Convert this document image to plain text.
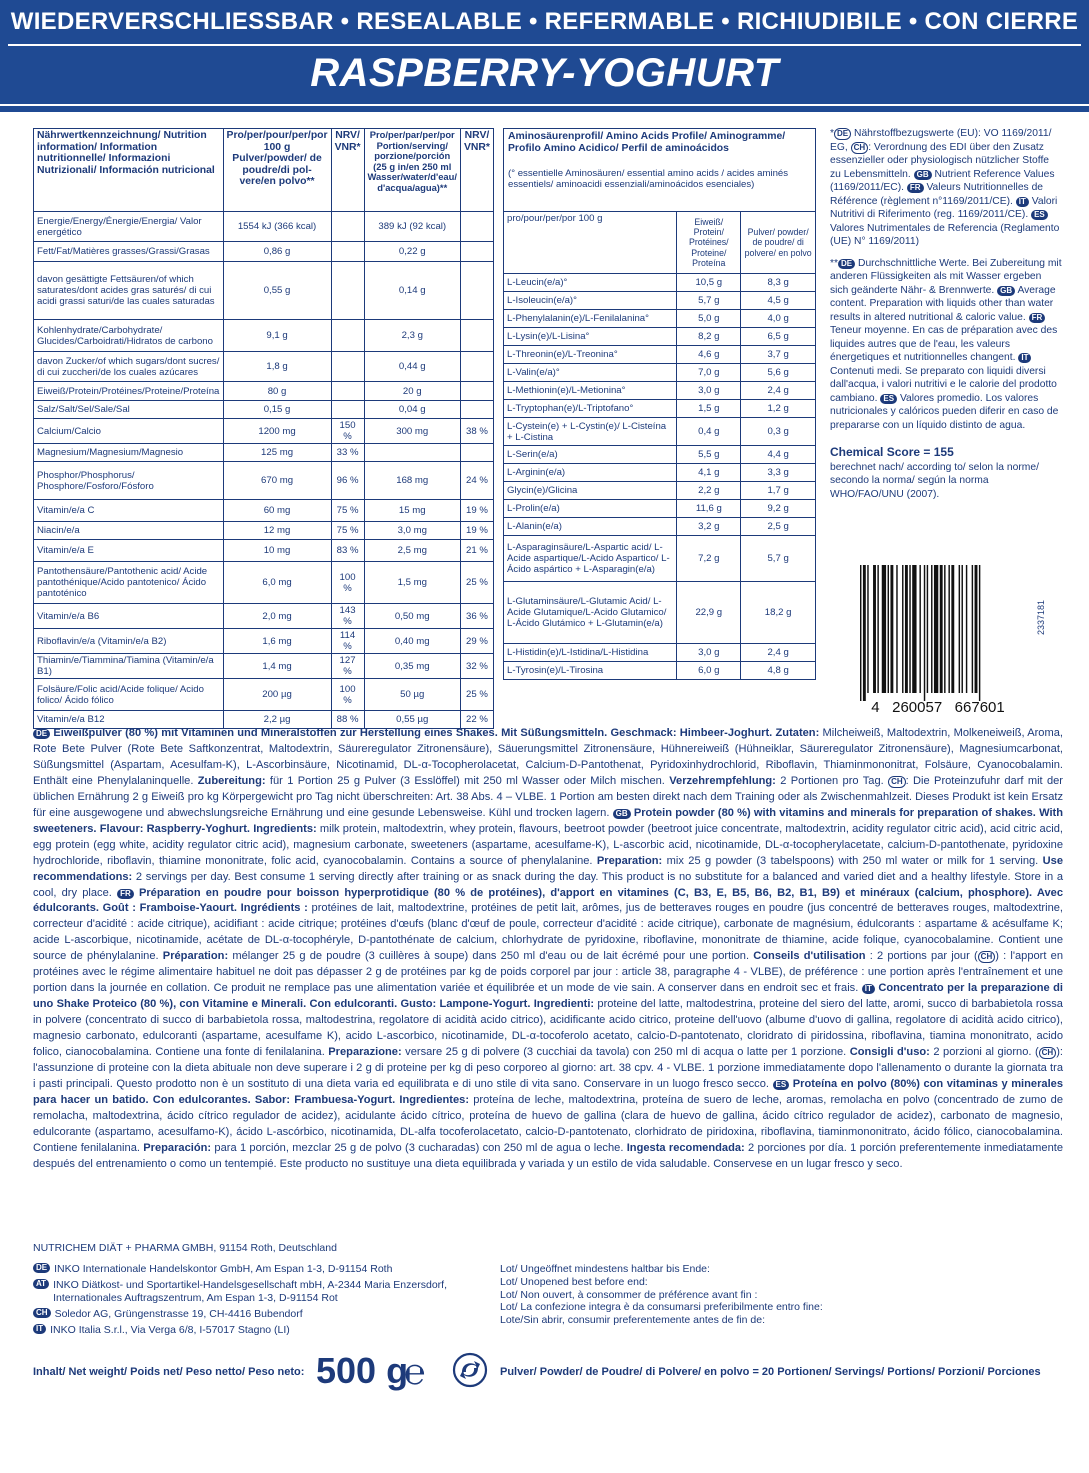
WIEDERVERSCHLIESSBAR • RESEALABLE • REFERMABLE • RICHIUDIBILE • CON CIERRE
RASPBERRY-YOGHURT
Nährwertkennzeichnung/ Nutrition information/ Information nutritionnelle/ Informazioni Nutrizionali/ Información nutricional	Pro/per/pour/per/por 100 g Pulver/powder/ de poudre/di pol-vere/en polvo**	NRV/ VNR*	Pro/per/par/per/por Portion/serving/ porzione/porción (25 g in/en 250 ml Wasser/water/d'eau/ d'acqua/agua)**	NRV/ VNR*
Energie/Energy/Énergie/Energia/ Valor energético	1554 kJ (366 kcal)		389 kJ (92 kcal)	
Fett/Fat/Matières grasses/Grassi/Grasas	0,86 g		0,22 g	
davon gesättigte Fettsäuren/of which saturates/dont acides gras saturés/ di cui acidi grassi saturi/de las cuales saturadas	0,55 g		0,14 g	
Kohlenhydrate/Carbohydrate/ Glucides/Carboidrati/Hidratos de carbono	9,1 g		2,3 g	
davon Zucker/of which sugars/dont sucres/ di cui zuccheri/de los cuales azúcares	1,8 g		0,44 g	
Eiweiß/Protein/Protéines/Proteine/Proteína	80 g		20 g	
Salz/Salt/Sel/Sale/Sal	0,15 g		0,04 g	
Calcium/Calcio	1200 mg	150 %	300 mg	38 %
Magnesium/Magnesium/Magnesio	125 mg	33 %		
Phosphor/Phosphorus/ Phosphore/Fosforo/Fósforo	670 mg	96 %	168 mg	24 %
Vitamin/e/a C	60 mg	75 %	15 mg	19 %
Niacin/e/a	12 mg	75 %	3,0 mg	19 %
Vitamin/e/a E	10 mg	83 %	2,5 mg	21 %
Pantothensäure/Pantothenic acid/ Acide pantothénique/Acido pantotenico/ Ácido pantoténico	6,0 mg	100 %	1,5 mg	25 %
Vitamin/e/a B6	2,0 mg	143 %	0,50 mg	36 %
Riboflavin/e/a (Vitamin/e/a B2)	1,6 mg	114 %	0,40 mg	29 %
Thiamin/e/Tiammina/Tiamina (Vitamin/e/a B1)	1,4 mg	127 %	0,35 mg	32 %
Folsäure/Folic acid/Acide folique/ Acido folico/ Ácido fólico	200 µg	100 %	50 µg	25 %
Vitamin/e/a B12	2,2 µg	88 %	0,55 µg	22 %
Aminosäurenprofil/ Amino Acids Profile/ Aminogramme/ Profilo Amino Acidico/ Perfil de aminoácidos
(° essentielle Aminosäuren/ essential amino acids / acides aminés essentiels/ aminoacidi essenziali/aminoácidos esenciales)		

pro/pour/per/por 100 g	Eiweiß/ Protein/ Protéines/ Proteine/ Proteína	Pulver/ powder/ de poudre/ di polvere/ en polvo
L-Leucin(e/a)°	10,5 g	8,3 g
L-Isoleucin(e/a)°	5,7 g	4,5 g
L-Phenylalanin(e)/L-Fenilalanina°	5,0 g	4,0 g
L-Lysin(e)/L-Lisina°	8,2 g	6,5 g
L-Threonin(e)/L-Treonina°	4,6 g	3,7 g
L-Valin(e/a)°	7,0 g	5,6 g
L-Methionin(e)/L-Metionina°	3,0 g	2,4 g
L-Tryptophan(e)/L-Triptofano°	1,5 g	1,2 g
L-Cystein(e) + L-Cystin(e)/ L-Cisteína + L-Cistina	0,4 g	0,3 g
L-Serin(e/a)	5,5 g	4,4 g
L-Arginin(e/a)	4,1 g	3,3 g
Glycin(e)/Glicina	2,2 g	1,7 g
L-Prolin(e/a)	11,6 g	9,2 g
L-Alanin(e/a)	3,2 g	2,5 g
L-Asparaginsäure/L-Aspartic acid/ L-Acide aspartique/L-Acido Aspartico/ L-Ácido aspártico + L-Asparagin(e/a)	7,2 g	5,7 g
L-Glutaminsäure/L-Glutamic Acid/ L-Acide Glutamique/L-Acido Glutamico/ L-Ácido Glutámico + L-Glutamin(e/a)	22,9 g	18,2 g
L-Histidin(e)/L-Istidina/L-Histidina	3,0 g	2,4 g
L-Tyrosin(e)/L-Tirosina	6,0 g	4,8 g

* DE Nährstoffbezugswerte (EU): VO 1169/2011/ EG, CH : Verordnung des EDI über den Zusatz essenzieller oder physiologisch nützlicher Stoffe zu Lebensmitteln. GB Nutrient Reference Values (1169/2011/EC). FR Valeurs Nutritionnelles de Référence (règlement n°1169/2011/CE). IT Valori Nutritivi di Riferimento (reg. 1169/2011/CE). ES Valores Nutrimentales de Referencia (Reglamento (UE) N° 1169/2011)

** DE Durchschnittliche Werte. Bei Zubereitung mit anderen Flüssigkeiten als mit Wasser ergeben sich geänderte Nähr- & Brennwerte. GB Average content. Preparation with liquids other than water results in altered nutritional & caloric value. FR Teneur moyenne. En cas de préparation avec des liquides autres que de l'eau, les valeurs énergetiques et nutritionnelles changent. IT Contenuti medi. Se preparato con liquidi diversi dall'acqua, i valori nutritivi e le calorie del prodotto cambiano. ES Valores promedio. Los valores nutricionales y calóricos pueden diferir en caso de prepararse con un líquido distinto de agua.

Chemical Score = 155
berechnet nach/ according to/ selon la norme/ secondo la norma/ según la norma WHO/FAO/UNU (2007).

4   260057   667601
2337181
DE Eiweißpulver (80 %) mit Vitaminen und Mineralstoffen zur Herstellung eines Shakes. Mit Süßungsmitteln. Geschmack: Himbeer-Joghurt. Zutaten: Milcheiweiß, Maltodextrin, Molkeneiweiß, Aroma, Rote Bete Pulver (Rote Bete Saftkonzentrat, Maltodextrin, Säureregulator Zitronensäure), Säuerungsmittel Zitronensäure, Hühnereiweiß (Hühneiklar, Säureregulator Zitronensäure), Magnesiumcarbonat, Süßungsmittel (Aspartam, Acesulfam-K), L-Ascorbinsäure, Nicotinamid, DL-α-Tocopherolacetat, Calcium-D-Pantothenat, Pyridoxinhydrochlorid, Riboflavin, Thiaminmononitrat, Folsäure, Cyanocobalamin. Enthält eine Phenylalaninquelle. Zubereitung: für 1 Portion 25 g Pulver (3 Esslöffel) mit 250 ml Wasser oder Milch mischen. Verzehrempfehlung: 2 Portionen pro Tag. CH : Die Proteinzufuhr darf mit der üblichen Ernährung 2 g Eiweiß pro kg Körpergewicht pro Tag nicht überschreiten: Art. 38 Abs. 4 – VLBE. 1 Portion am besten direkt nach dem Training oder als Zwischenmahlzeit. Dieses Produkt ist kein Ersatz für eine ausgewogene und abwechslungsreiche Ernährung und eine gesunde Lebensweise. Kühl und trocken lagern. GB Protein powder (80 %) with vitamins and minerals for preparation of shakes. With sweeteners. Flavour: Raspberry-Yoghurt. Ingredients: milk protein, maltodextrin, whey protein, flavours, beetroot powder (beetroot juice concentrate, maltodextrin, acidity regulator citric acid), acid citric acid, egg protein (egg white, acidity regulator citric acid), magnesium carbonate, sweeteners (aspartame, acesulfame-K), L-ascorbic acid, nicotinamide, DL-α-tocopherylacetate, calcium-D-pantothenate, pyridoxine hydrochloride, riboflavin, thiamine mononitrate, folic acid, cyanocobalamin. Contains a source of phenylalanine. Preparation: mix 25 g powder (3 tabelspoons) with 250 ml water or milk for 1 serving. Use recommendations: 2 servings per day. Best consume 1 serving directly after training or as snack during the day. This product is no substitute for a balanced and varied diet and a healthy lifestyle. Store in a cool, dry place. FR Préparation en poudre pour boisson hyperprotidique (80 % de protéines), d'apport en vitamines (C, B3, E, B5, B6, B2, B1, B9) et minéraux (calcium, phosphore). Avec édulcorants. Goût : Framboise-Yaourt. Ingrédients : protéines de lait, maltodextrine, protéines de petit lait, arômes, jus de betteraves rouges en poudre (jus concentré de betteraves rouges, maltodextrine, correcteur d'acidité : acide citrique), acidifiant : acide citrique; protéines d'œufs (blanc d'œuf de poule, correcteur d'acidité : acide citrique), carbonate de magnésium, édulcorants : aspartame & acésulfame K; acide L-ascorbique, nicotinamide, acétate de DL-α-tocophéryle, D-pantothénate de calcium, chlorhydrate de pyridoxine, riboflavine, mononitrate de thiamine, acide folique, cyanocobalamine. Contient une source de phénylalanine. Préparation: mélanger 25 g de poudre (3 cuillères à soupe) dans 250 ml d'eau ou de lait écrémé pour une portion. Conseils d'utilisation : 2 portions par jour ( CH ) : l'apport en protéines avec le régime alimentaire habituel ne doit pas dépasser 2 g de protéines par kg de poids corporel par jour : article 38, paragraphe 4 - VLBE), de préférence : une portion après l'entraînement et une portion dans la journée en collation. Ce produit ne remplace pas une alimentation variée et équilibrée et un mode de vie sain. A conserver dans en endroit sec et frais. IT Concentrato per la preparazione di uno Shake Proteico (80 %), con Vitamine e Minerali. Con edulcoranti. Gusto: Lampone-Yogurt. Ingredienti: proteine del latte, maltodestrina, proteine del siero del latte, aromi, succo di barbabietola rossa in polvere (concentrato di succo di barbabietola rossa, maltodestrina, regolatore di acidità acido citrico), acidificante acido citrico, proteine dell'uovo (albume d'uovo di gallina, regolatore di acidità acido citrico), magnesio carbonato, edulcoranti (aspartame, acesulfame K), acido L-ascorbico, nicotinamide, DL-α-tocoferolo acetato, calcio-D-pantotenato, cloridrato di piridossina, riboflavina, tiamina mononitrato, acido folico, cianocobalamina. Contiene una fonte di fenilalanina. Preparazione: versare 25 g di polvere (3 cucchiai da tavola) con 250 ml di acqua o latte per 1 porzione. Consigli d'uso: 2 porzioni al giorno. ( CH ): l'assunzione di proteine con la dieta abituale non deve superare i 2 g di proteine per kg di peso corporeo al giorno: art. 38 cpv. 4 - VLBE. 1 porzione immediatamente dopo l'allenamento o durante la giornata tra i pasti principali. Questo prodotto non è un sostituto di una dieta varia ed equilibrata e di uno stile di vita sano. Conservare in un luogo fresco secco. ES Proteína en polvo (80%) con vitaminas y minerales para hacer un batido. Con edulcorantes. Sabor: Frambuesa-Yogurt. Ingredientes: proteína de leche, maltodextrina, proteína de suero de leche, aromas, remolacha en polvo (concentrado de zumo de remolacha, maltodextrina, ácido cítrico regulador de acidez), acidulante ácido cítrico, proteína de huevo de gallina (clara de huevo de gallina, ácido cítrico regulador de acidez), carbonato de magnesio, edulcorante (aspartamo, acesulfamo-K), ácido L-ascórbico, nicotinamida, DL-alfa tocoferolacetato, calcio-D-pantotenato, clorhidrato de piridoxina, riboflavina, tiaminmononitrato, ácido fólico, cianocobalamina. Contiene fenilalanina. Preparación: para 1 porción, mezclar 25 g de polvo (3 cucharadas) con 250 ml de agua o leche. Ingesta recomendada: 2 porciones por día. 1 porción preferentemente inmediatamente después del entrenamiento o como un tentempié. Este producto no sustituye una dieta equilibrada y variada y un estilo de vida saludable. Conservese en un lugar fresco y seco.
NUTRICHEM DIÄT + PHARMA GMBH, 91154 Roth, Deutschland
DE INKO Internationale Handelskontor GmbH, Am Espan 1-3, D-91154 Roth
AT INKO Diätkost- und Sportartikel-Handelsgesellschaft mbH, A-2344 Maria Enzersdorf, Internationales Auftragszentrum, Am Espan 1-3, D-91154 Rot
CH Soledor AG, Grüngenstrasse 19, CH-4416 Bubendorf
IT INKO Italia S.r.l., Via Verga 6/8, I-57017 Stagno (LI)
Lot/ Ungeöffnet mindestens haltbar bis Ende:
Lot/ Unopened best before end:
Lot/ Non ouvert, à consommer de préférence avant fin :
Lot/ La confezione integra è da consumarsi preferibilmente entro fine:
Lote/Sin abrir, consumir preferentemente antes de fin de:
Inhalt/ Net weight/ Poids net/ Peso netto/ Peso neto: 500 g
℮	Pulver/ Powder/ de Poudre/ di Polvere/ en polvo = 20 Portionen/ Servings/ Portions/ Porzioni/ Porciones
